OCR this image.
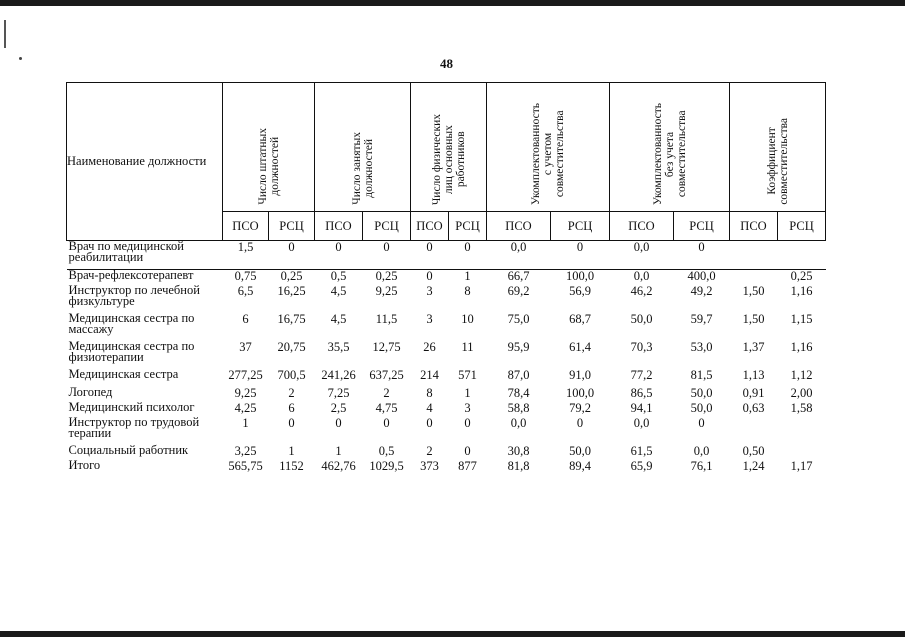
48
Наименование должности	Число штатных
должностей		Число занятых
должностей		Число физических
лиц основных
работников		Укомплектованность
с учетом
совместительства		Укомплектованность
без учета
совместительства		Коэффициент
совместительства	

	ПСО	РСЦ	ПСО	РСЦ	ПСО	РСЦ	ПСО	РСЦ	ПСО	РСЦ	ПСО	РСЦ
Врач по медицинской реабилитации	1,5	0	0	0	0	0	0,0	0	0,0	0		
Врач-рефлексотерапевт	0,75	0,25	0,5	0,25	0	1	66,7	100,0	0,0	400,0		0,25
Инструктор по лечебной физкультуре	6,5	16,25	4,5	9,25	3	8	69,2	56,9	46,2	49,2	1,50	1,16
Медицинская сестра по массажу	6	16,75	4,5	11,5	3	10	75,0	68,7	50,0	59,7	1,50	1,15
Медицинская сестра по физиотерапии	37	20,75	35,5	12,75	26	11	95,9	61,4	70,3	53,0	1,37	1,16
Медицинская сестра	277,25	700,5	241,26	637,25	214	571	87,0	91,0	77,2	81,5	1,13	1,12
Логопед	9,25	2	7,25	2	8	1	78,4	100,0	86,5	50,0	0,91	2,00
Медицинский психолог	4,25	6	2,5	4,75	4	3	58,8	79,2	94,1	50,0	0,63	1,58
Инструктор по трудовой терапии	1	0	0	0	0	0	0,0	0	0,0	0		
Социальный работник	3,25	1	1	0,5	2	0	30,8	50,0	61,5	0,0	0,50	
Итого	565,75	1152	462,76	1029,5	373	877	81,8	89,4	65,9	76,1	1,24	1,17
